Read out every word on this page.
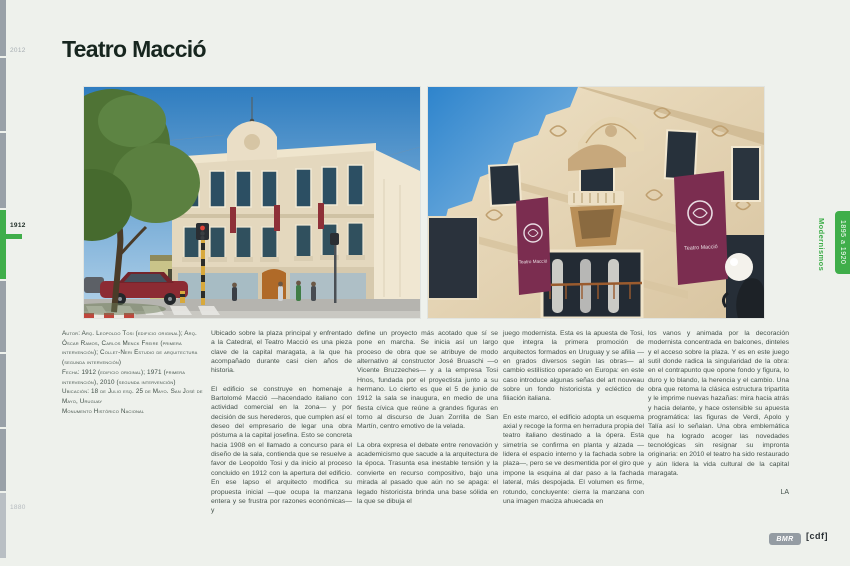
2012
1912
1880
Teatro Macció
Teatro Macció
Teatro Macció

Autor: Arq. Leopoldo Tosi (edificio original); Arq. Óscar Ramos, Carlos Menck Freire (primera intervención); Collet-Neri Estudio de arquitectura (segunda intervención)

Fecha: 1912 (edificio original); 1971 (primera intervención), 2010 (segunda intervención)

Ubicación: 18 de Julio esq. 25 de Mayo. San José de Mayo, Uruguay

Monumento Histórico Nacional

Ubicado sobre la plaza principal y enfrentado a la Catedral, el Teatro Macció es una pieza clave de la capital maragata, a la que ha acompañado durante casi cien años de historia.

El edificio se construye en homenaje a Bartolomé Macció —hacendado italiano con actividad comercial en la zona— y por decisión de sus herederos, que cumplen así el deseo del empresario de legar una obra póstuma a la capital josefina. Esto se concreta hacia 1908 en el llamado a concurso para el diseño de la sala, contienda que se resuelve a favor de Leopoldo Tosi y da inicio al proceso concluido en 1912 con la apertura del edificio. En ese lapso el arquitecto modifica su propuesta inicial —que ocupa la manzana entera y se frustra por razones económicas— y

define un proyecto más acotado que sí se pone en marcha. Se inicia así un largo proceso de obra que se atribuye de modo alternativo al constructor José Bruaschi —o Vicente Bruzzeches— y a la empresa Tosi Hnos, fundada por el proyectista junto a su hermano. Lo cierto es que el 5 de junio de 1912 la sala se inaugura, en medio de una fiesta cívica que reúne a grandes figuras en torno al discurso de Juan Zorrilla de San Martín, centro emotivo de la velada.

La obra expresa el debate entre renovación y academicismo que sacude a la arquitectura de la época. Trasunta esa inestable tensión y la convierte en recurso compositivo, bajo una mirada al pasado que aún no se apaga: el legado historicista brinda una base sólida en la que se dibuja el

juego modernista. Esta es la apuesta de Tosi, que integra la primera promoción de arquitectos formados en Uruguay y se afilia —en grados diversos según las obras— al cambio estilístico operado en Europa: en este caso introduce algunas señas del art nouveau sobre un fondo historicista y ecléctico de filiación italiana.

En este marco, el edificio adopta un esquema axial y recoge la forma en herradura propia del teatro italiano destinado a la ópera. Esta simetría se confirma en planta y alzada —lidera el espacio interno y la fachada sobre la plaza—, pero se ve desmentida por el giro que impone la esquina al dar paso a la fachada lateral, más despojada. El volumen es firme, rotundo, concluyente: cierra la manzana con una imagen maciza ahuecada en

los vanos y animada por la decoración modernista concentrada en balcones, dinteles y el acceso sobre la plaza. Y es en este juego sutil donde radica la singularidad de la obra: en el contrapunto que opone fondo y figura, lo duro y lo blando, la herencia y el cambio. Una obra que retoma la clásica estructura tripartita y le imprime nuevas hazañas: mira hacia atrás y hacia delante, y hace ostensible su apuesta programática: las figuras de Verdi, Apolo y Talía así lo señalan. Una obra emblemática que ha logrado acoger las novedades tecnológicas sin resignar su impronta originaria: en 2010 el teatro ha sido restaurado y aún lidera la vida cultural de la capital maragata.

LA
1895 a 1920
Modernismos
BMR	[cdf]
